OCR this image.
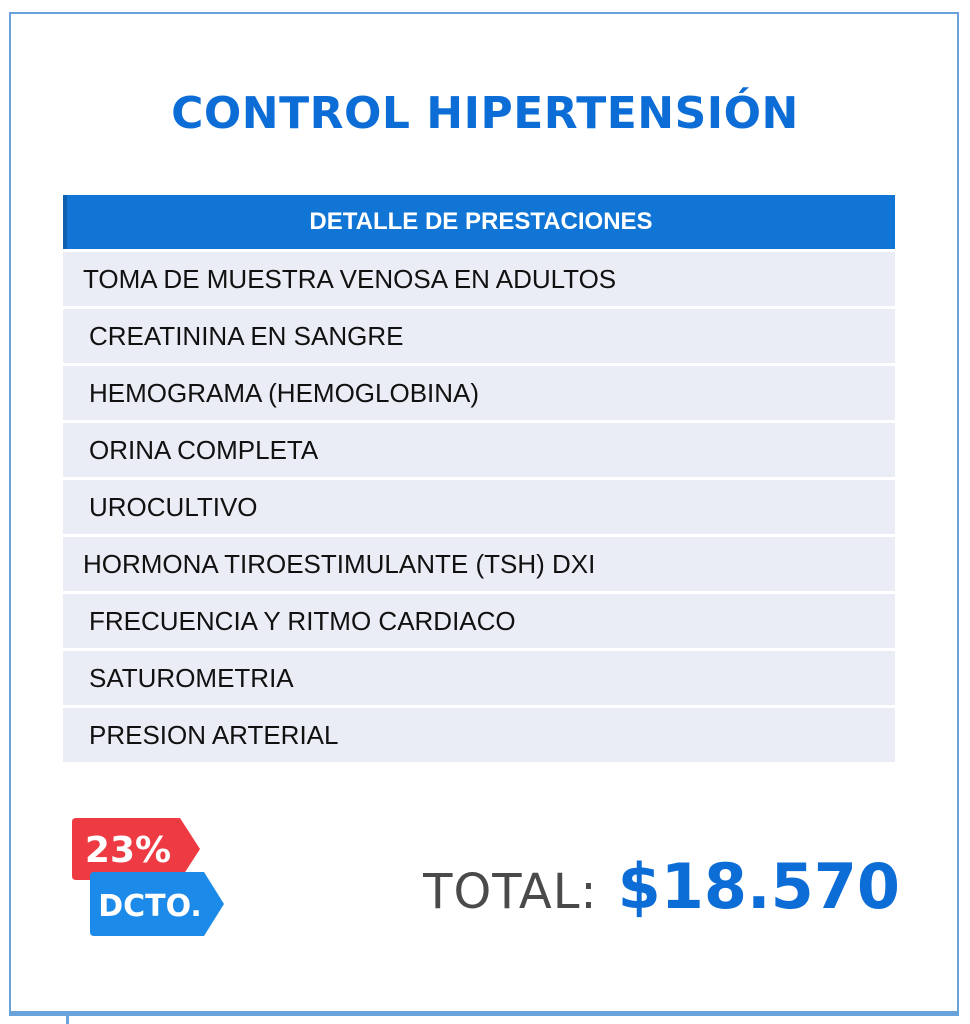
CONTROL HIPERTENSIÓN
DETALLE DE PRESTACIONES
TOMA DE MUESTRA VENOSA EN ADULTOS
CREATININA EN SANGRE
HEMOGRAMA (HEMOGLOBINA)
ORINA COMPLETA
UROCULTIVO
HORMONA TIROESTIMULANTE (TSH) DXI
FRECUENCIA Y RITMO CARDIACO
SATUROMETRIA
PRESION ARTERIAL
23%
DCTO.	TOTAL: $18.570
